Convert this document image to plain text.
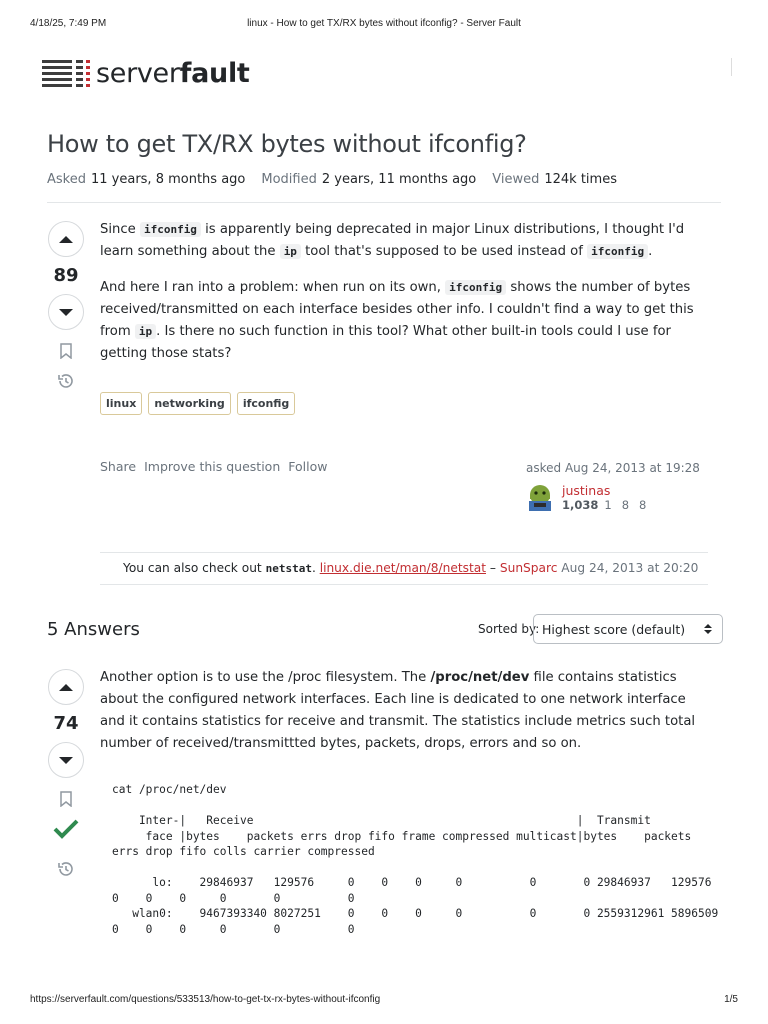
4/18/25, 7:49 PM	linux - How to get TX/RX bytes without ifconfig? - Server Fault
serverfault
How to get TX/RX bytes without ifconfig?
Asked 11 years, 8 months ago Modified 2 years, 11 months ago Viewed 124k times
89

Since ifconfig is apparently being deprecated in major Linux distributions, I thought I'd learn something about the ip tool that's supposed to be used instead of ifconfig .

And here I ran into a problem: when run on its own, ifconfig shows the number of bytes received/transmitted on each interface besides other info. I couldn't find a way to get this from ip . Is there no such function in this tool? What other built-in tools could I use for getting those stats?

linux	networking	ifconfig
Share Improve this question Follow	asked Aug 24, 2013 at 19:28
justinas
1,038 1 8 8
You can also check out netstat. linux.die.net/man/8/netstat – SunSparc Aug 24, 2013 at 20:20
5 Answers	Sorted by: Highest score (default)
74

Another option is to use the /proc filesystem. The /proc/net/dev file contains statistics about the configured network interfaces. Each line is dedicated to one network interface and it contains statistics for receive and transmit. The statistics include metrics such total number of received/transmittted bytes, packets, drops, errors and so on.

cat /proc/net/dev

Inter-|   Receive                                                |  Transmit
face |bytes    packets errs drop fifo frame compressed multicast|bytes    packets
errs drop fifo colls carrier compressed

lo:    29846937   129576     0    0    0     0          0       0 29846937   129576
0    0    0     0       0          0
wlan0:    9467393340 8027251    0    0    0     0          0       0 2559312961 5896509
0    0    0     0       0          0
https://serverfault.com/questions/533513/how-to-get-tx-rx-bytes-without-ifconfig	1/5
